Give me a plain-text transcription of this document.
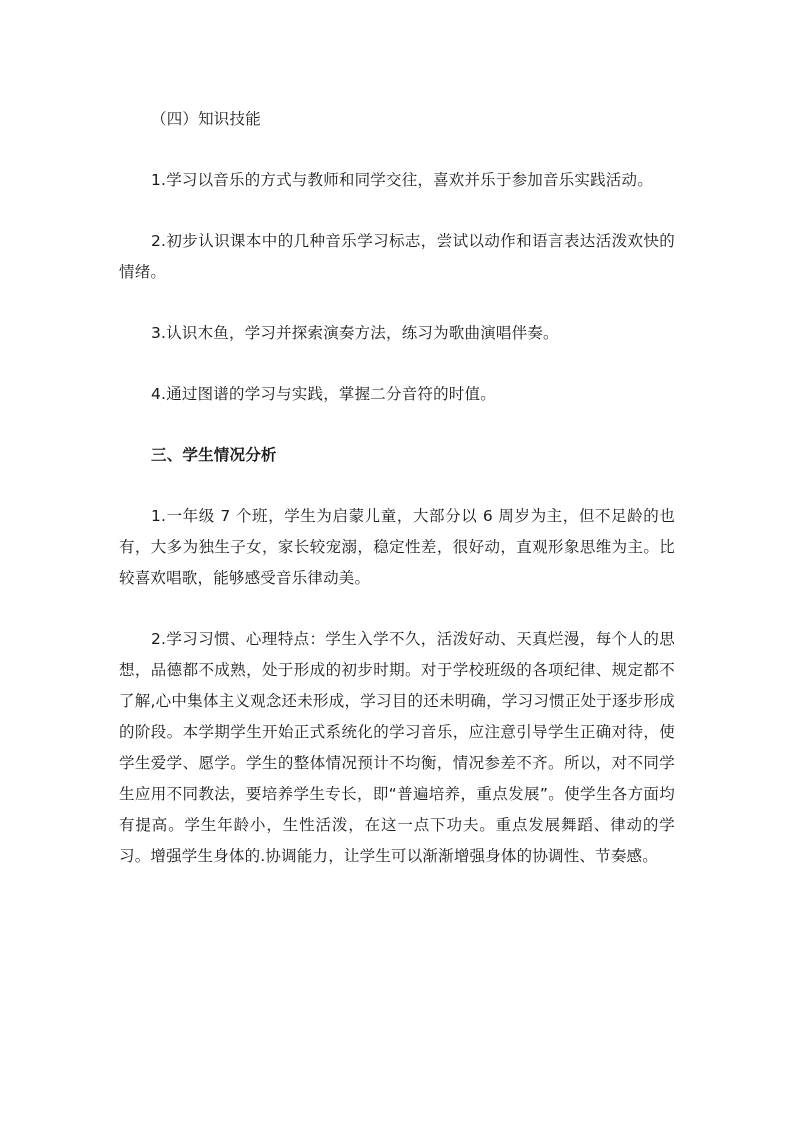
（四）知识技能

1.学习以音乐的方式与教师和同学交往，喜欢并乐于参加音乐实践活动。

2.初步认识课本中的几种音乐学习标志，尝试以动作和语言表达活泼欢快的情绪。

3.认识木鱼，学习并探索演奏方法，练习为歌曲演唱伴奏。

4.通过图谱的学习与实践，掌握二分音符的时值。

三、学生情况分析

1.一年级 7 个班，学生为启蒙儿童，大部分以 6 周岁为主，但不足龄的也有，大多为独生子女，家长较宠溺，稳定性差，很好动，直观形象思维为主。比较喜欢唱歌，能够感受音乐律动美。

2.学习习惯、心理特点：学生入学不久，活泼好动、天真烂漫，每个人的思想，品德都不成熟，处于形成的初步时期。对于学校班级的各项纪律、规定都不了解,心中集体主义观念还未形成，学习目的还未明确，学习习惯正处于逐步形成的阶段。本学期学生开始正式系统化的学习音乐，应注意引导学生正确对待，使学生爱学、愿学。学生的整体情况预计不均衡，情况参差不齐。所以，对不同学生应用不同教法，要培养学生专长，即“普遍培养，重点发展”。使学生各方面均有提高。学生年龄小，生性活泼，在这一点下功夫。重点发展舞蹈、律动的学习。增强学生身体的.协调能力，让学生可以渐渐增强身体的协调性、节奏感。
